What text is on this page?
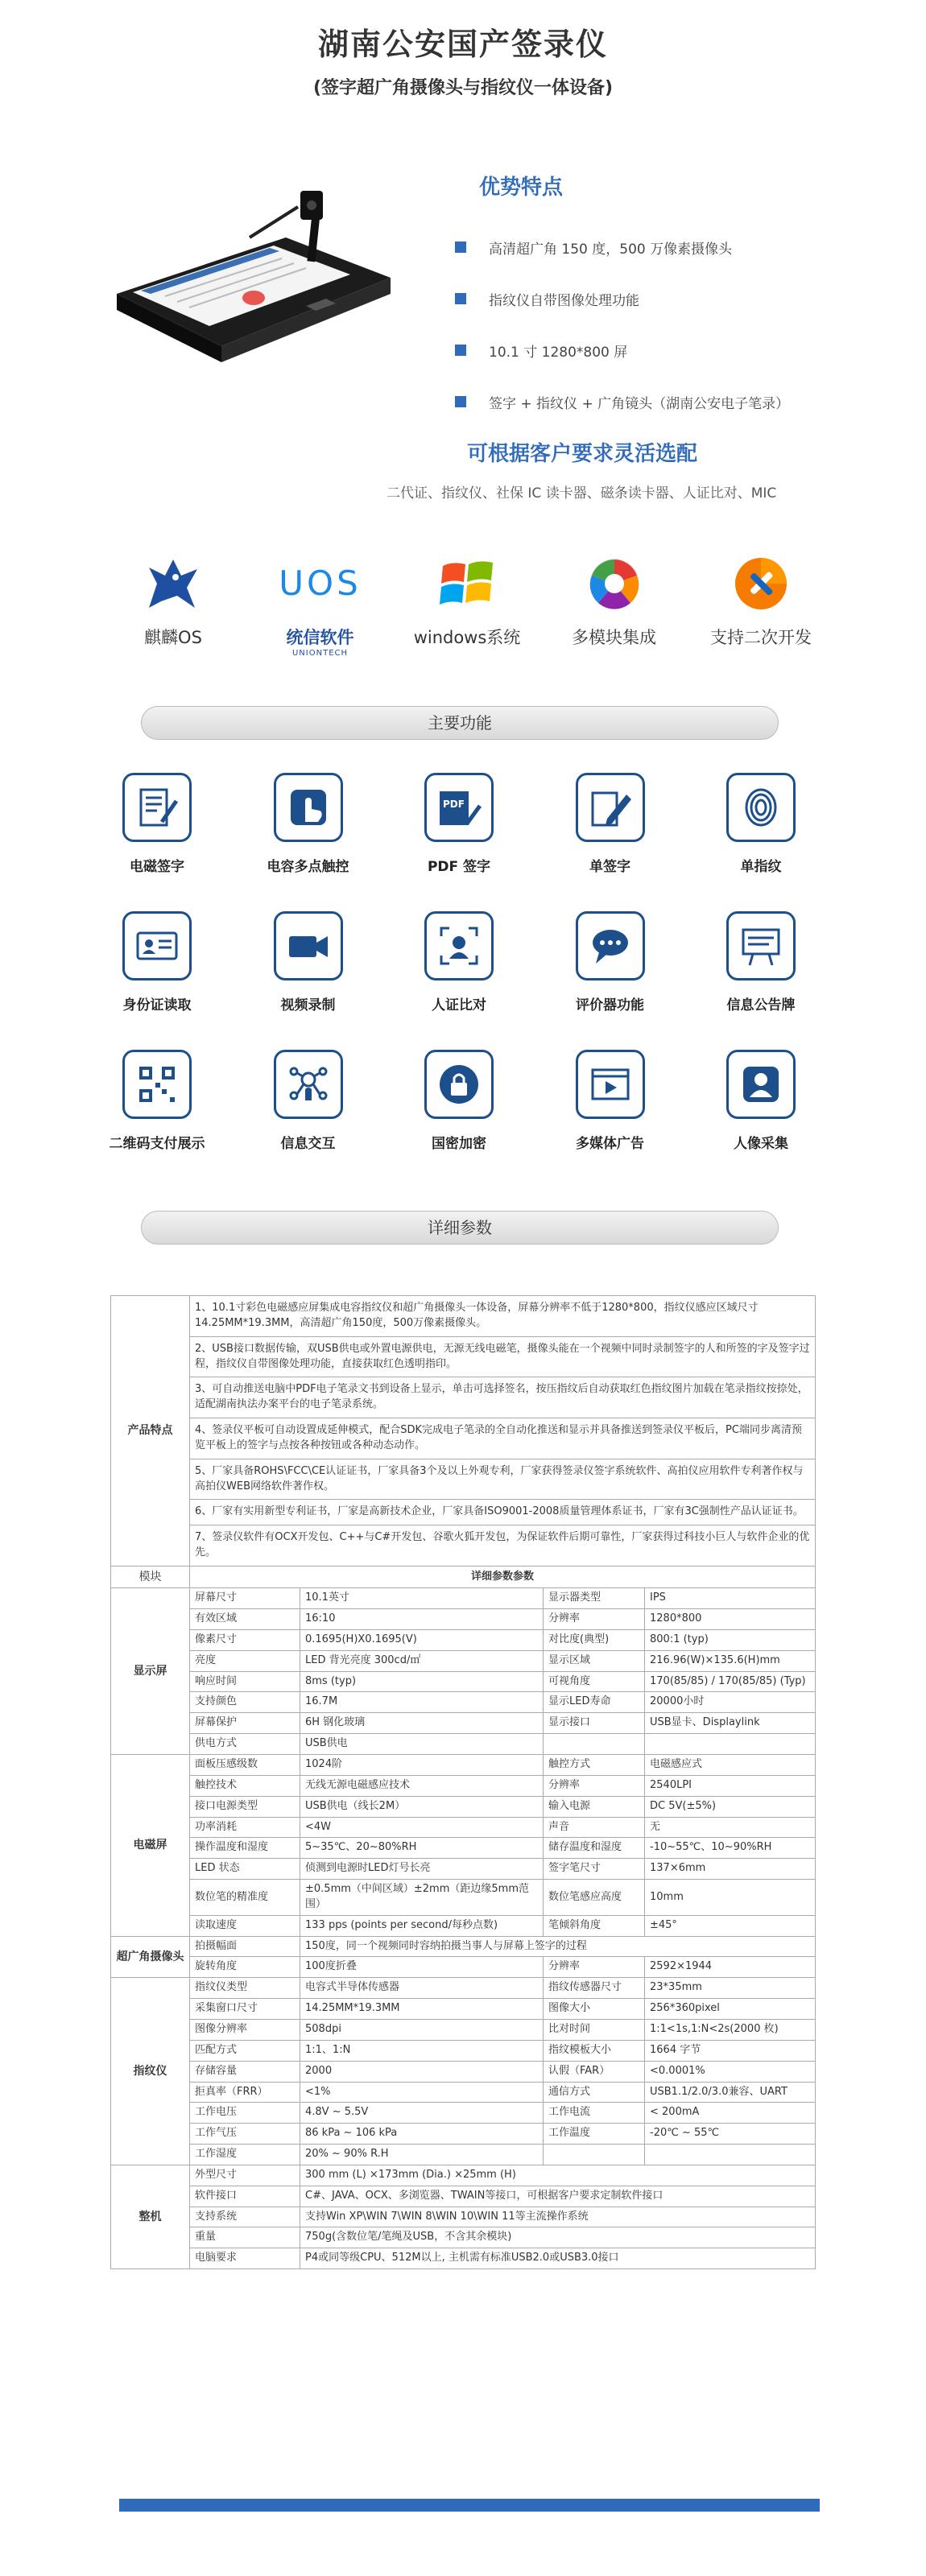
湖南公安国产签录仪
(签字超广角摄像头与指纹仪一体设备)
优势特点
高清超广角 150 度，500 万像素摄像头
指纹仪自带图像处理功能
10.1 寸 1280*800 屏
签字 + 指纹仪 + 广角镜头（湖南公安电子笔录）
可根据客户要求灵活选配
二代证、指纹仪、社保 IC 读卡器、磁条读卡器、人证比对、MIC
麒麟OS
UOS
统信软件
UNIONTECH
windows系统	多模块集成	支持二次开发
主要功能
电磁签字	电容多点触控
PDF
PDF 签字	单签字	单指纹
身份证读取	视频录制	人证比对	评价器功能	信息公告牌
二维码支付展示	信息交互	国密加密	多媒体广告	人像采集
详细参数
产品特点	1、10.1寸彩色电磁感应屏集成电容指纹仪和超广角摄像头一体设备，屏幕分辨率不低于1280*800，指纹仪感应区域尺寸14.25MM*19.3MM，高清超广角150度，500万像素摄像头。			
	2、USB接口数据传输，双USB供电或外置电源供电，无源无线电磁笔，摄像头能在一个视频中同时录制签字的人和所签的字及签字过程，指纹仪自带图像处理功能，直接获取红色透明指印。			
	3、可自动推送电脑中PDF电子笔录文书到设备上显示，单击可选择签名，按压指纹后自动获取红色指纹图片加载在笔录指纹按捺处，适配湖南执法办案平台的电子笔录系统。			
	4、签录仪平板可自动设置成延伸模式，配合SDK完成电子笔录的全自动化推送和显示并具备推送到签录仪平板后，PC端同步离清预览平板上的签字与点按各种按钮或各种动态动作。			
	5、厂家具备ROHS\FCC\CE认证证书，厂家具备3个及以上外观专利，厂家获得签录仪签字系统软件、高拍仪应用软件专利著作权与高拍仪WEB网络软件著作权。			
	6、厂家有实用新型专利证书，厂家是高新技术企业，厂家具备ISO9001-2008质量管理体系证书，厂家有3C强制性产品认证证书。			
	7、签录仪软件有OCX开发包、C++与C#开发包、谷歌火狐开发包，为保证软件后期可靠性，厂家获得过科技小巨人与软件企业的优先。			
模块	详细参数参数			
显示屏	屏幕尺寸	10.1英寸	显示器类型	IPS
	有效区域	16:10	分辨率	1280*800
	像素尺寸	0.1695(H)X0.1695(V)	对比度(典型)	800:1 (typ)
	亮度	LED 背光亮度 300cd/㎡	显示区域	216.96(W)×135.6(H)mm
	响应时间	8ms (typ)	可视角度	170(85/85) / 170(85/85) (Typ)
	支持颜色	16.7M	显示LED寿命	20000小时
	屏幕保护	6H 钢化玻璃	显示接口	USB显卡、Displaylink
	供电方式	USB供电		
电磁屏	面板压感级数	1024阶	触控方式	电磁感应式
	触控技术	无线无源电磁感应技术	分辨率	2540LPI
	接口电源类型	USB供电（线长2M）	输入电源	DC 5V(±5%)
	功率消耗	<4W	声音	无
	操作温度和湿度	5~35℃、20~80%RH	储存温度和湿度	-10~55℃、10~90%RH
	LED 状态	侦测到电源时LED灯号长亮	签字笔尺寸	137×6mm
	数位笔的精准度	±0.5mm（中间区域）±2mm（距边缘5mm范围）	数位笔感应高度	10mm
	读取速度	133 pps (points per second/每秒点数)	笔倾斜角度	±45°
超广角摄像头	拍摄幅面	150度，同一个视频同时容纳拍摄当事人与屏幕上签字的过程		
	旋转角度	100度折叠	分辨率	2592×1944
指纹仪	指纹仪类型	电容式半导体传感器	指纹传感器尺寸	23*35mm
	采集窗口尺寸	14.25MM*19.3MM	图像大小	256*360pixel
	图像分辨率	508dpi	比对时间	1:1<1s,1:N<2s(2000 枚)
	匹配方式	1:1、1:N	指纹模板大小	1664 字节
	存储容量	2000	认假（FAR）	<0.0001%
	拒真率（FRR）	<1%	通信方式	USB1.1/2.0/3.0兼容、UART
	工作电压	4.8V ~ 5.5V	工作电流	< 200mA
	工作气压	86 kPa ~ 106 kPa	工作温度	-20℃ ~ 55℃
	工作湿度	20% ~ 90% R.H		
整机	外型尺寸	300 mm (L) ×173mm (Dia.) ×25mm (H)		
	软件接口	C#、JAVA、OCX、多浏览器、TWAIN等接口，可根据客户要求定制软件接口		
	支持系统	支持Win XP\WIN 7\WIN 8\WIN 10\WIN 11等主流操作系统		
	重量	750g(含数位笔/笔绳及USB，不含其余模块)		
	电脑要求	P4或同等级CPU、512M以上, 主机需有标准USB2.0或USB3.0接口		
